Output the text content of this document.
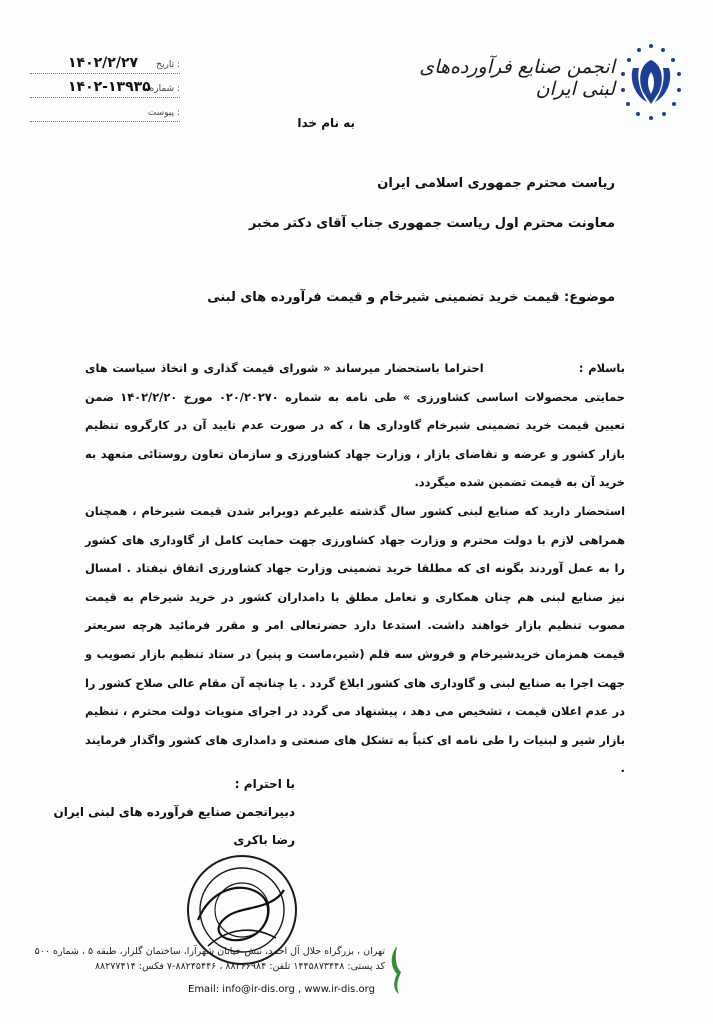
انجمن صنایع فرآورده‌های لبنی ایران
تاریخ :
۱۴۰۲/۲/۲۷
شماره :
۱۴۰۲-۱۳۹۳۵
پیوست :
به نام خدا
ریاست محترم جمهوری اسلامی ایران
معاونت محترم اول ریاست جمهوری جناب آقای دکتر مخبر
موضوع: قیمت خرید تضمینی شیرخام و قیمت فرآورده های لبنی

باسلام :                    احتراما باستحضار میرساند « شورای قیمت گذاری و اتخاذ سیاست های حمایتی محصولات اساسی کشاورزی » طی نامه به شماره ۰۲۰/۲۰۲۷۰ مورخ ۱۴۰۲/۲/۲۰ ضمن تعیین قیمت خرید تضمینی شیرخام گاوداری ها ، که در صورت عدم تایید آن در کارگروه تنظیم بازار کشور و عرضه و تقاضای بازار ، وزارت جهاد کشاورزی و سازمان تعاون روستائی متعهد به خرید آن به قیمت تضمین شده میگردد.

استحضار دارید که صنایع لبنی کشور سال گذشته علیرغم دوبرابر شدن قیمت شیرخام ، همچنان همراهی لازم با دولت محترم و وزارت جهاد کشاورزی جهت حمایت کامل از گاوداری های کشور را به عمل آوردند بگونه ای که مطلقا خرید تضمینی وزارت جهاد کشاورزی اتفاق نیفتاد . امسال نیز صنایع لبنی هم چنان همکاری و تعامل مطلق با دامداران کشور در خرید شیرخام به قیمت مصوب تنظیم بازار خواهند داشت. استدعا دارد حضرتعالی امر و مقرر فرمائید هرچه سریعتر قیمت همزمان خریدشیرخام و فروش سه قلم (شیر،ماست و پنیر) در ستاد تنظیم بازار تصویب و جهت اجرا به صنایع لبنی و گاوداری های کشور ابلاغ گردد . یا چنانچه آن مقام عالی صلاح کشور را در عدم اعلان قیمت ، تشخیص می دهد ، پیشنهاد می گردد در اجرای منویات دولت محترم ، تنظیم بازار شیر و لبنیات را طی نامه ای کتباً به تشکل های صنعتی و دامداری های کشور واگذار فرمایند .

با احترام :
دبیرانجمن صنایع فرآورده های لبنی ایران
رضا باکری
تهران ، بزرگراه جلال آل احمد، نبش خیابان شهرآرا، ساختمان گلزار، طبقه ۵ ، شماره ۵۰۰
کد پستی: ۱۴۴۵۸۷۳۴۴۸ تلفن: ۸۸۲۶۶۹۸۴ ، ۸۸۲۴۵۴۴۶-۷ فکس: ۸۸۲۷۷۴۱۴
Email: info@ir-dis.org , www.ir-dis.org
